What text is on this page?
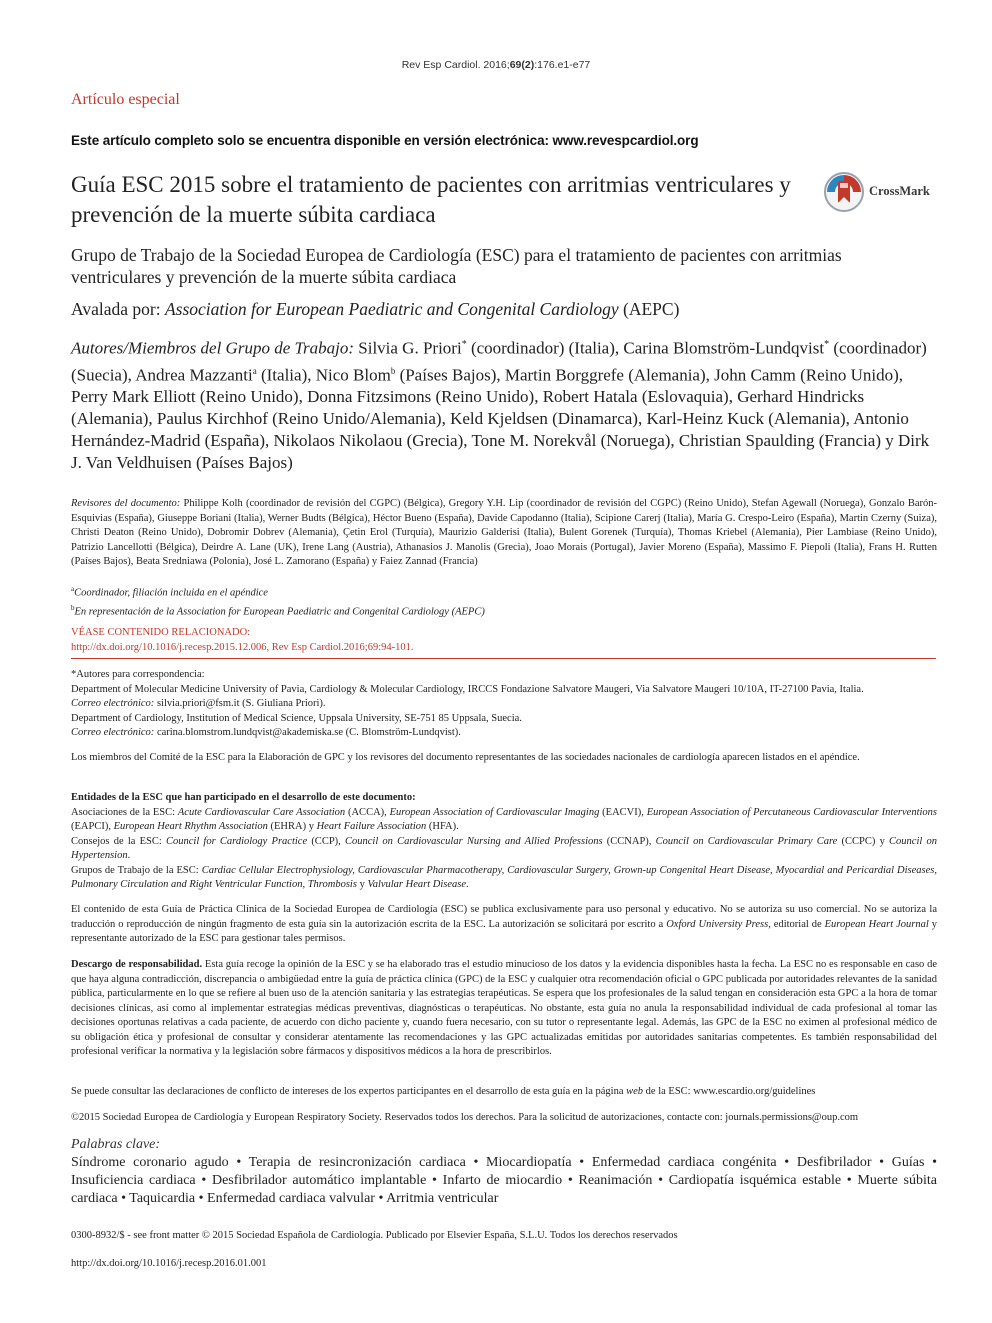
Rev Esp Cardiol. 2016;69(2):176.e1-e77
Artículo especial
Este artículo completo solo se encuentra disponible en versión electrónica: www.revespcardiol.org
Guía ESC 2015 sobre el tratamiento de pacientes con arritmias ventriculares y prevención de la muerte súbita cardiaca
CrossMark
Grupo de Trabajo de la Sociedad Europea de Cardiología (ESC) para el tratamiento de pacientes con arritmias ventriculares y prevención de la muerte súbita cardiaca
Avalada por: Association for European Paediatric and Congenital Cardiology (AEPC)
Autores/Miembros del Grupo de Trabajo: Silvia G. Priori* (coordinador) (Italia), Carina Blomström-Lundqvist* (coordinador) (Suecia), Andrea Mazzanti$^a$ (Italia), Nico Blom$^b$ (Países Bajos), Martin Borggrefe (Alemania), John Camm (Reino Unido), Perry Mark Elliott (Reino Unido), Donna Fitzsimons (Reino Unido), Robert Hatala (Eslovaquia), Gerhard Hindricks (Alemania), Paulus Kirchhof (Reino Unido/Alemania), Keld Kjeldsen (Dinamarca), Karl-Heinz Kuck (Alemania), Antonio Hernández-Madrid (España), Nikolaos Nikolaou (Grecia), Tone M. Norekvål (Noruega), Christian Spaulding (Francia) y Dirk J. Van Veldhuisen (Países Bajos)
Revisores del documento: Philippe Kolh (coordinador de revisión del CGPC) (Bélgica), Gregory Y.H. Lip (coordinador de revisión del CGPC) (Reino Unido), Stefan Agewall (Noruega), Gonzalo Barón-Esquivias (España), Giuseppe Boriani (Italia), Werner Budts (Bélgica), Héctor Bueno (España), Davide Capodanno (Italia), Scipione Carerj (Italia), María G. Crespo-Leiro (España), Martin Czerny (Suiza), Christi Deaton (Reino Unido), Dobromir Dobrev (Alemania), Çetin Erol (Turquía), Maurizio Galderisi (Italia), Bulent Gorenek (Turquía), Thomas Kriebel (Alemania), Pier Lambiase (Reino Unido), Patrizio Lancellotti (Bélgica), Deirdre A. Lane (UK), Irene Lang (Austria), Athanasios J. Manolis (Grecia), Joao Morais (Portugal), Javier Moreno (España), Massimo F. Piepoli (Italia), Frans H. Rutten (Países Bajos), Beata Sredniawa (Polonia), José L. Zamorano (España) y Faiez Zannad (Francia)

$^a$Coordinador, filiación incluida en el apéndice

$^b$En representación de la Association for European Paediatric and Congenital Cardiology (AEPC)

VÉASE CONTENIDO RELACIONADO:

http://dx.doi.org/10.1016/j.recesp.2015.12.006, Rev Esp Cardiol.2016;69:94-101.

*Autores para correspondencia:

Department of Molecular Medicine University of Pavia, Cardiology & Molecular Cardiology, IRCCS Fondazione Salvatore Maugeri, Via Salvatore Maugeri 10/10A, IT-27100 Pavia, Italia.

Correo electrónico: silvia.priori@fsm.it (S. Giuliana Priori).

Department of Cardiology, Institution of Medical Science, Uppsala University, SE-751 85 Uppsala, Suecia.

Correo electrónico: carina.blomstrom.lundqvist@akademiska.se (C. Blomström-Lundqvist).

Los miembros del Comité de la ESC para la Elaboración de GPC y los revisores del documento representantes de las sociedades nacionales de cardiología aparecen listados en el apéndice.

Entidades de la ESC que han participado en el desarrollo de este documento:

Asociaciones de la ESC: Acute Cardiovascular Care Association (ACCA), European Association of Cardiovascular Imaging (EACVI), European Association of Percutaneous Cardiovascular Interventions (EAPCI), European Heart Rhythm Association (EHRA) y Heart Failure Association (HFA).

Consejos de la ESC: Council for Cardiology Practice (CCP), Council on Cardiovascular Nursing and Allied Professions (CCNAP), Council on Cardiovascular Primary Care (CCPC) y Council on Hypertension.

Grupos de Trabajo de la ESC: Cardiac Cellular Electrophysiology, Cardiovascular Pharmacotherapy, Cardiovascular Surgery, Grown-up Congenital Heart Disease, Myocardial and Pericardial Diseases, Pulmonary Circulation and Right Ventricular Function, Thrombosis y Valvular Heart Disease.

El contenido de esta Guía de Práctica Clínica de la Sociedad Europea de Cardiología (ESC) se publica exclusivamente para uso personal y educativo. No se autoriza su uso comercial. No se autoriza la traducción o reproducción de ningún fragmento de esta guía sin la autorización escrita de la ESC. La autorización se solicitará por escrito a Oxford University Press, editorial de European Heart Journal y representante autorizado de la ESC para gestionar tales permisos.
Descargo de responsabilidad. Esta guía recoge la opinión de la ESC y se ha elaborado tras el estudio minucioso de los datos y la evidencia disponibles hasta la fecha. La ESC no es responsable en caso de que haya alguna contradicción, discrepancia o ambigüedad entre la guía de práctica clínica (GPC) de la ESC y cualquier otra recomendación oficial o GPC publicada por autoridades relevantes de la sanidad pública, particularmente en lo que se refiere al buen uso de la atención sanitaria y las estrategias terapéuticas. Se espera que los profesionales de la salud tengan en consideración esta GPC a la hora de tomar decisiones clínicas, así como al implementar estrategias médicas preventivas, diagnósticas o terapéuticas. No obstante, esta guía no anula la responsabilidad individual de cada profesional al tomar las decisiones oportunas relativas a cada paciente, de acuerdo con dicho paciente y, cuando fuera necesario, con su tutor o representante legal. Además, las GPC de la ESC no eximen al profesional médico de su obligación ética y profesional de consultar y considerar atentamente las recomendaciones y las GPC actualizadas emitidas por autoridades sanitarias competentes. Es también responsabilidad del profesional verificar la normativa y la legislación sobre fármacos y dispositivos médicos a la hora de prescribirlos.
Se puede consultar las declaraciones de conflicto de intereses de los expertos participantes en el desarrollo de esta guía en la página web de la ESC: www.escardio.org/guidelines
©2015 Sociedad Europea de Cardiología y European Respiratory Society. Reservados todos los derechos. Para la solicitud de autorizaciones, contacte con: journals.permissions@oup.com
Palabras clave:
Síndrome coronario agudo • Terapia de resincronización cardiaca • Miocardiopatía • Enfermedad cardiaca congénita • Desfibrilador • Guías • Insuficiencia cardiaca • Desfibrilador automático implantable • Infarto de miocardio • Reanimación • Cardiopatía isquémica estable • Muerte súbita cardiaca • Taquicardia • Enfermedad cardiaca valvular • Arritmia ventricular
0300-8932/$ - see front matter © 2015 Sociedad Española de Cardiología. Publicado por Elsevier España, S.L.U. Todos los derechos reservados
http://dx.doi.org/10.1016/j.recesp.2016.01.001
